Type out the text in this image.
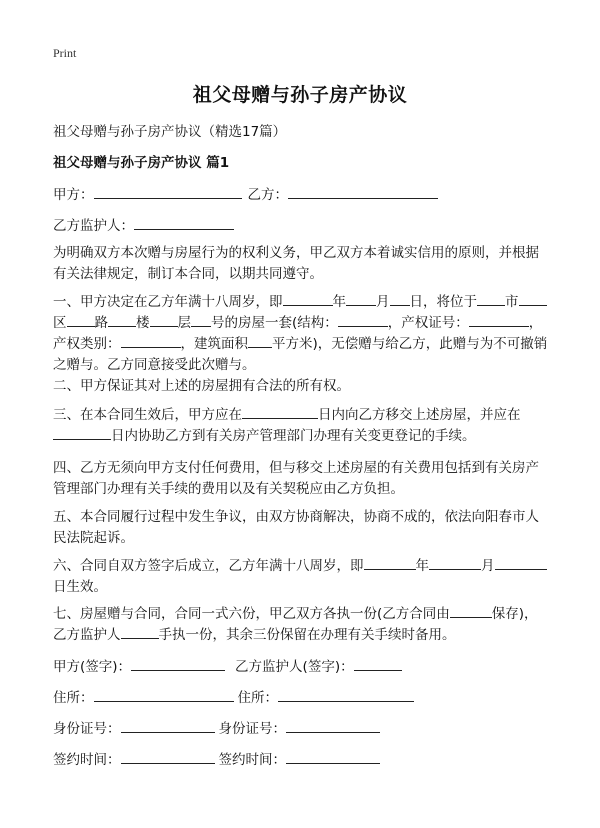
Print
祖父母赠与孙子房产协议
祖父母赠与孙子房产协议（精选17篇）
祖父母赠与孙子房产协议 篇1
甲方：	乙方：
乙方监护人：
为明确双方本次赠与房屋行为的权利义务，甲乙双方本着诚实信用的原则，并根据有关法律规定，制订本合同，以期共同遵守。
一、甲方决定在乙方年满十八周岁，即	年 月 日，将位于 市区 路 楼 层 号的房屋一套(结构：	，产权证号：	，产权类别：	，建筑面积 平方米)，无偿赠与给乙方，此赠与为不可撤销之赠与。乙方同意接受此次赠与。
二、甲方保证其对上述的房屋拥有合法的所有权。
三、在本合同生效后，甲方应在	日内向乙方移交上述房屋，并应在日内协助乙方到有关房产管理部门办理有关变更登记的手续。
四、乙方无须向甲方支付任何费用，但与移交上述房屋的有关费用包括到有关房产管理部门办理有关手续的费用以及有关契税应由乙方负担。
五、本合同履行过程中发生争议，由双方协商解决，协商不成的，依法向阳春市人民法院起诉。
六、合同自双方签字后成立，乙方年满十八周岁，即	年	月日生效。
七、房屋赠与合同，合同一式六份，甲乙双方各执一份(乙方合同由	保存)，乙方监护人	手执一份，其余三份保留在办理有关手续时备用。
甲方(签字)：	乙方监护人(签字)：
住所：	住所：
身份证号：	身份证号：
签约时间：	签约时间：
